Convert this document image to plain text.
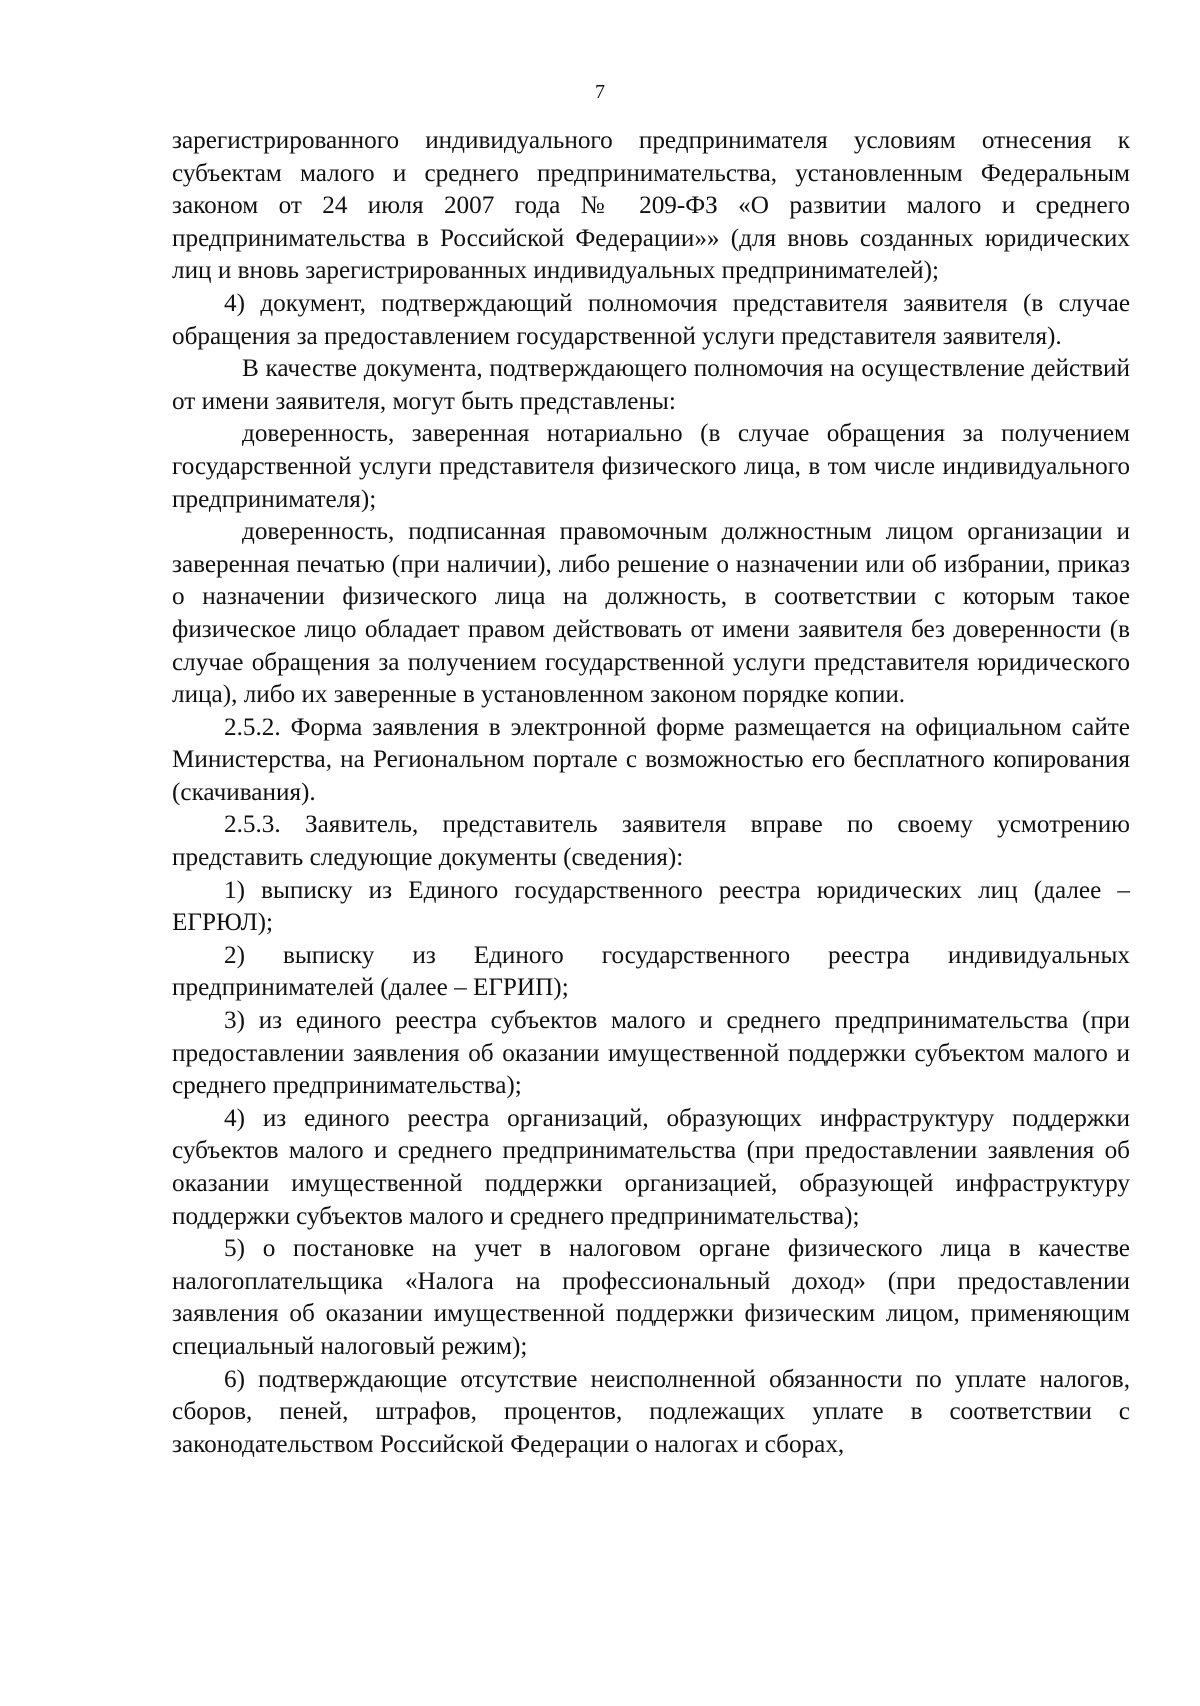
7

зарегистрированного индивидуального предпринимателя условиям отнесения к субъектам малого и среднего предпринимательства, установленным Федеральным законом от 24 июля 2007 года № 209-ФЗ «О развитии малого и среднего предпринимательства в Российской Федерации»» (для вновь созданных юридических лиц и вновь зарегистрированных индивидуальных предпринимателей);

4) документ, подтверждающий полномочия представителя заявителя (в случае обращения за предоставлением государственной услуги представителя заявителя).

В качестве документа, подтверждающего полномочия на осуществление действий от имени заявителя, могут быть представлены:

доверенность, заверенная нотариально (в случае обращения за получением государственной услуги представителя физического лица, в том числе индивидуального предпринимателя);

доверенность, подписанная правомочным должностным лицом организации и заверенная печатью (при наличии), либо решение о назначении или об избрании, приказ о назначении физического лица на должность, в соответствии с которым такое физическое лицо обладает правом действовать от имени заявителя без доверенности (в случае обращения за получением государственной услуги представителя юридического лица), либо их заверенные в установленном законом порядке копии.

2.5.2. Форма заявления в электронной форме размещается на официальном сайте Министерства, на Региональном портале с возможностью его бесплатного копирования (скачивания).

2.5.3. Заявитель, представитель заявителя вправе по своему усмотрению представить следующие документы (сведения):

1) выписку из Единого государственного реестра юридических лиц (далее – ЕГРЮЛ);

2) выписку из Единого государственного реестра индивидуальных предпринимателей (далее – ЕГРИП);

3) из единого реестра субъектов малого и среднего предпринимательства (при предоставлении заявления об оказании имущественной поддержки субъектом малого и среднего предпринимательства);

4) из единого реестра организаций, образующих инфраструктуру поддержки субъектов малого и среднего предпринимательства (при предоставлении заявления об оказании имущественной поддержки организацией, образующей инфраструктуру поддержки субъектов малого и среднего предпринимательства);

5) о постановке на учет в налоговом органе физического лица в качестве налогоплательщика «Налога на профессиональный доход» (при предоставлении заявления об оказании имущественной поддержки физическим лицом, применяющим специальный налоговый режим);

6) подтверждающие отсутствие неисполненной обязанности по уплате налогов, сборов, пеней, штрафов, процентов, подлежащих уплате в соответствии с законодательством Российской Федерации о налогах и сборах,
